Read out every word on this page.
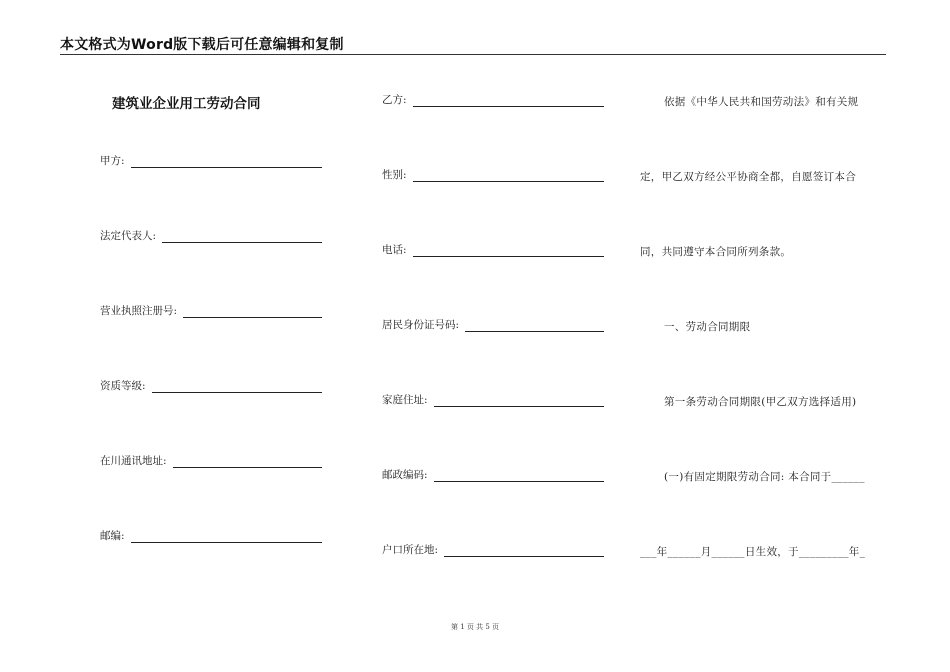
本文格式为Word版下载后可任意编辑和复制
建筑业企业用工劳动合同
甲方:
法定代表人:
营业执照注册号:
资质等级:
在川通讯地址:
邮编:
乙方:
性别:
电话:
居民身份证号码:
家庭住址:
邮政编码:
户口所在地:
依据《中华人民共和国劳动法》和有关规
定，甲乙双方经公平协商全都，自愿签订本合
同，共同遵守本合同所列条款。
一、劳动合同期限
第一条劳动合同期限(甲乙双方选择适用)
(一)有固定期限劳动合同: 本合同于______
___年______月______日生效，于_________年_
第 1 页 共 5 页
